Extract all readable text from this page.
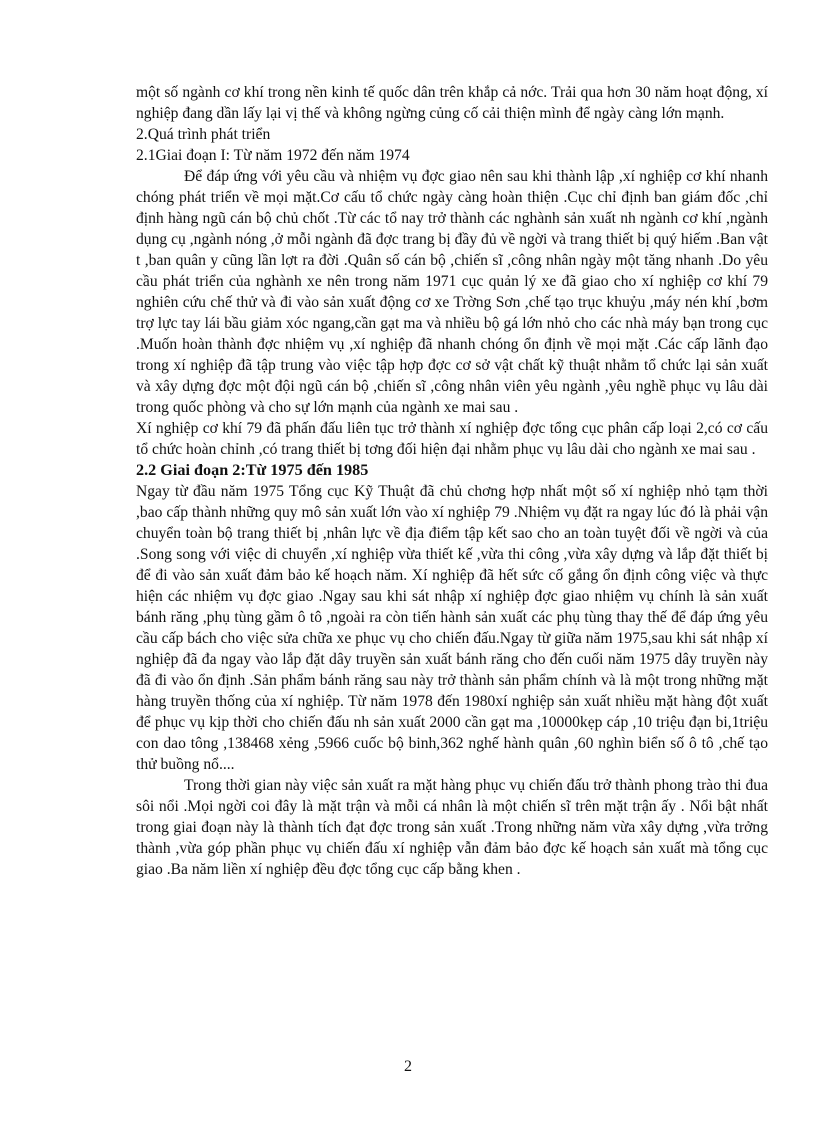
một số ngành cơ khí trong nền kinh tế quốc dân trên khắp cả nớc. Trải qua hơn 30 năm hoạt động, xí nghiệp đang dần lấy lại vị thế và không ngừng củng cố cải thiện mình để ngày càng lớn mạnh.

2.Quá trình phát triển

2.1Giai đoạn I: Từ năm 1972 đến năm 1974

Để đáp ứng với yêu cầu và nhiệm vụ đợc giao nên sau khi thành lập ,xí nghiệp cơ khí nhanh chóng phát triển về mọi mặt.Cơ cấu tổ chức ngày càng hoàn thiện .Cục chỉ định ban giám đốc ,chỉ định hàng ngũ cán bộ chủ chốt .Từ các tổ nay trở thành các nghành sản xuất nh ngành cơ khí ,ngành dụng cụ ,ngành nóng ,ở mỗi ngành đã đợc trang bị đầy đủ về ngời và trang thiết bị quý hiếm .Ban vật t ,ban quân y cũng lần lợt ra đời .Quân số cán bộ ,chiến sĩ ,công nhân ngày một tăng nhanh .Do yêu cầu phát triển của nghành xe nên trong năm 1971 cục quản lý xe đã giao cho xí nghiệp cơ khí 79 nghiên cứu chế thử và đi vào sản xuất động cơ xe Trờng Sơn ,chế tạo trục khuỷu ,máy nén khí ,bơm trợ lực tay lái bầu giảm xóc ngang,cần gạt ma và nhiều bộ gá lớn nhỏ cho các nhà máy bạn trong cục .Muốn hoàn thành đợc nhiệm vụ ,xí nghiệp đã nhanh chóng ổn định về mọi mặt .Các cấp lãnh đạo trong xí nghiệp đã tập trung vào việc tập hợp đợc cơ sở vật chất kỹ thuật nhằm tổ chức lại sản xuất và xây dựng đợc một đội ngũ cán bộ ,chiến sĩ ,công nhân viên yêu ngành ,yêu nghề phục vụ lâu dài trong quốc phòng và cho sự lớn mạnh của ngành xe mai sau .

Xí nghiệp cơ khí 79 đã phấn đấu liên tục trở thành xí nghiệp đợc tổng cục phân cấp loại 2,có cơ cấu tổ chức hoàn chỉnh ,có trang thiết bị tơng đối hiện đại nhằm phục vụ lâu dài cho ngành xe mai sau .

2.2 Giai đoạn 2:Từ 1975 đến 1985

Ngay từ đầu năm 1975 Tổng cục Kỹ Thuật đã chủ chơng hợp nhất một số xí nghiệp nhỏ tạm thời ,bao cấp thành những quy mô sản xuất lớn vào xí nghiệp 79 .Nhiệm vụ đặt ra ngay lúc đó là phải vận chuyển toàn bộ trang thiết bị ,nhân lực về địa điểm tập kết sao cho an toàn tuyệt đối về ngời và của .Song song với việc di chuyển ,xí nghiệp vừa thiết kế ,vừa thi công ,vừa xây dựng và lắp đặt thiết bị để đi vào sản xuất đảm bảo kế hoạch năm. Xí nghiệp đã hết sức cố gắng ổn định công việc và thực hiện các nhiệm vụ đợc giao .Ngay sau khi sát nhập xí nghiệp đợc giao nhiệm vụ chính là sản xuất bánh răng ,phụ tùng gầm ô tô ,ngoài ra còn tiến hành sản xuất các phụ tùng thay thế để đáp ứng yêu cầu cấp bách cho việc sửa chữa xe phục vụ cho chiến đấu.Ngay từ giữa năm 1975,sau khi sát nhập xí nghiệp đã đa ngay vào lắp đặt dây truyền sản xuất bánh răng cho đến cuối năm 1975 dây truyền này đã đi vào ổn định .Sản phẩm bánh răng sau này trở thành sản phẩm chính và là một trong những mặt hàng truyền thống của xí nghiệp. Từ năm 1978 đến 1980xí nghiệp sản xuất nhiều mặt hàng đột xuất để phục vụ kịp thời cho chiến đấu nh sản xuất 2000 cần gạt ma ,10000kẹp cáp ,10 triệu đạn bi,1triệu con dao tông ,138468 xẻng ,5966 cuốc bộ binh,362 nghế hành quân ,60 nghìn biển số ô tô ,chế tạo thử buồng nổ....

Trong thời gian này việc sản xuất ra mặt hàng phục vụ chiến đấu trở thành phong trào thi đua sôi nổi .Mọi ngời coi đây là mặt trận và mỗi cá nhân là một chiến sĩ trên mặt trận ấy . Nổi bật nhất trong giai đoạn này là thành tích đạt đợc trong sản xuất .Trong những năm vừa xây dựng ,vừa trởng thành ,vừa góp phần phục vụ chiến đấu xí nghiệp vẫn đảm bảo đợc kế hoạch sản xuất mà tổng cục giao .Ba năm liền xí nghiệp đều đợc tổng cục cấp bằng khen .

2
